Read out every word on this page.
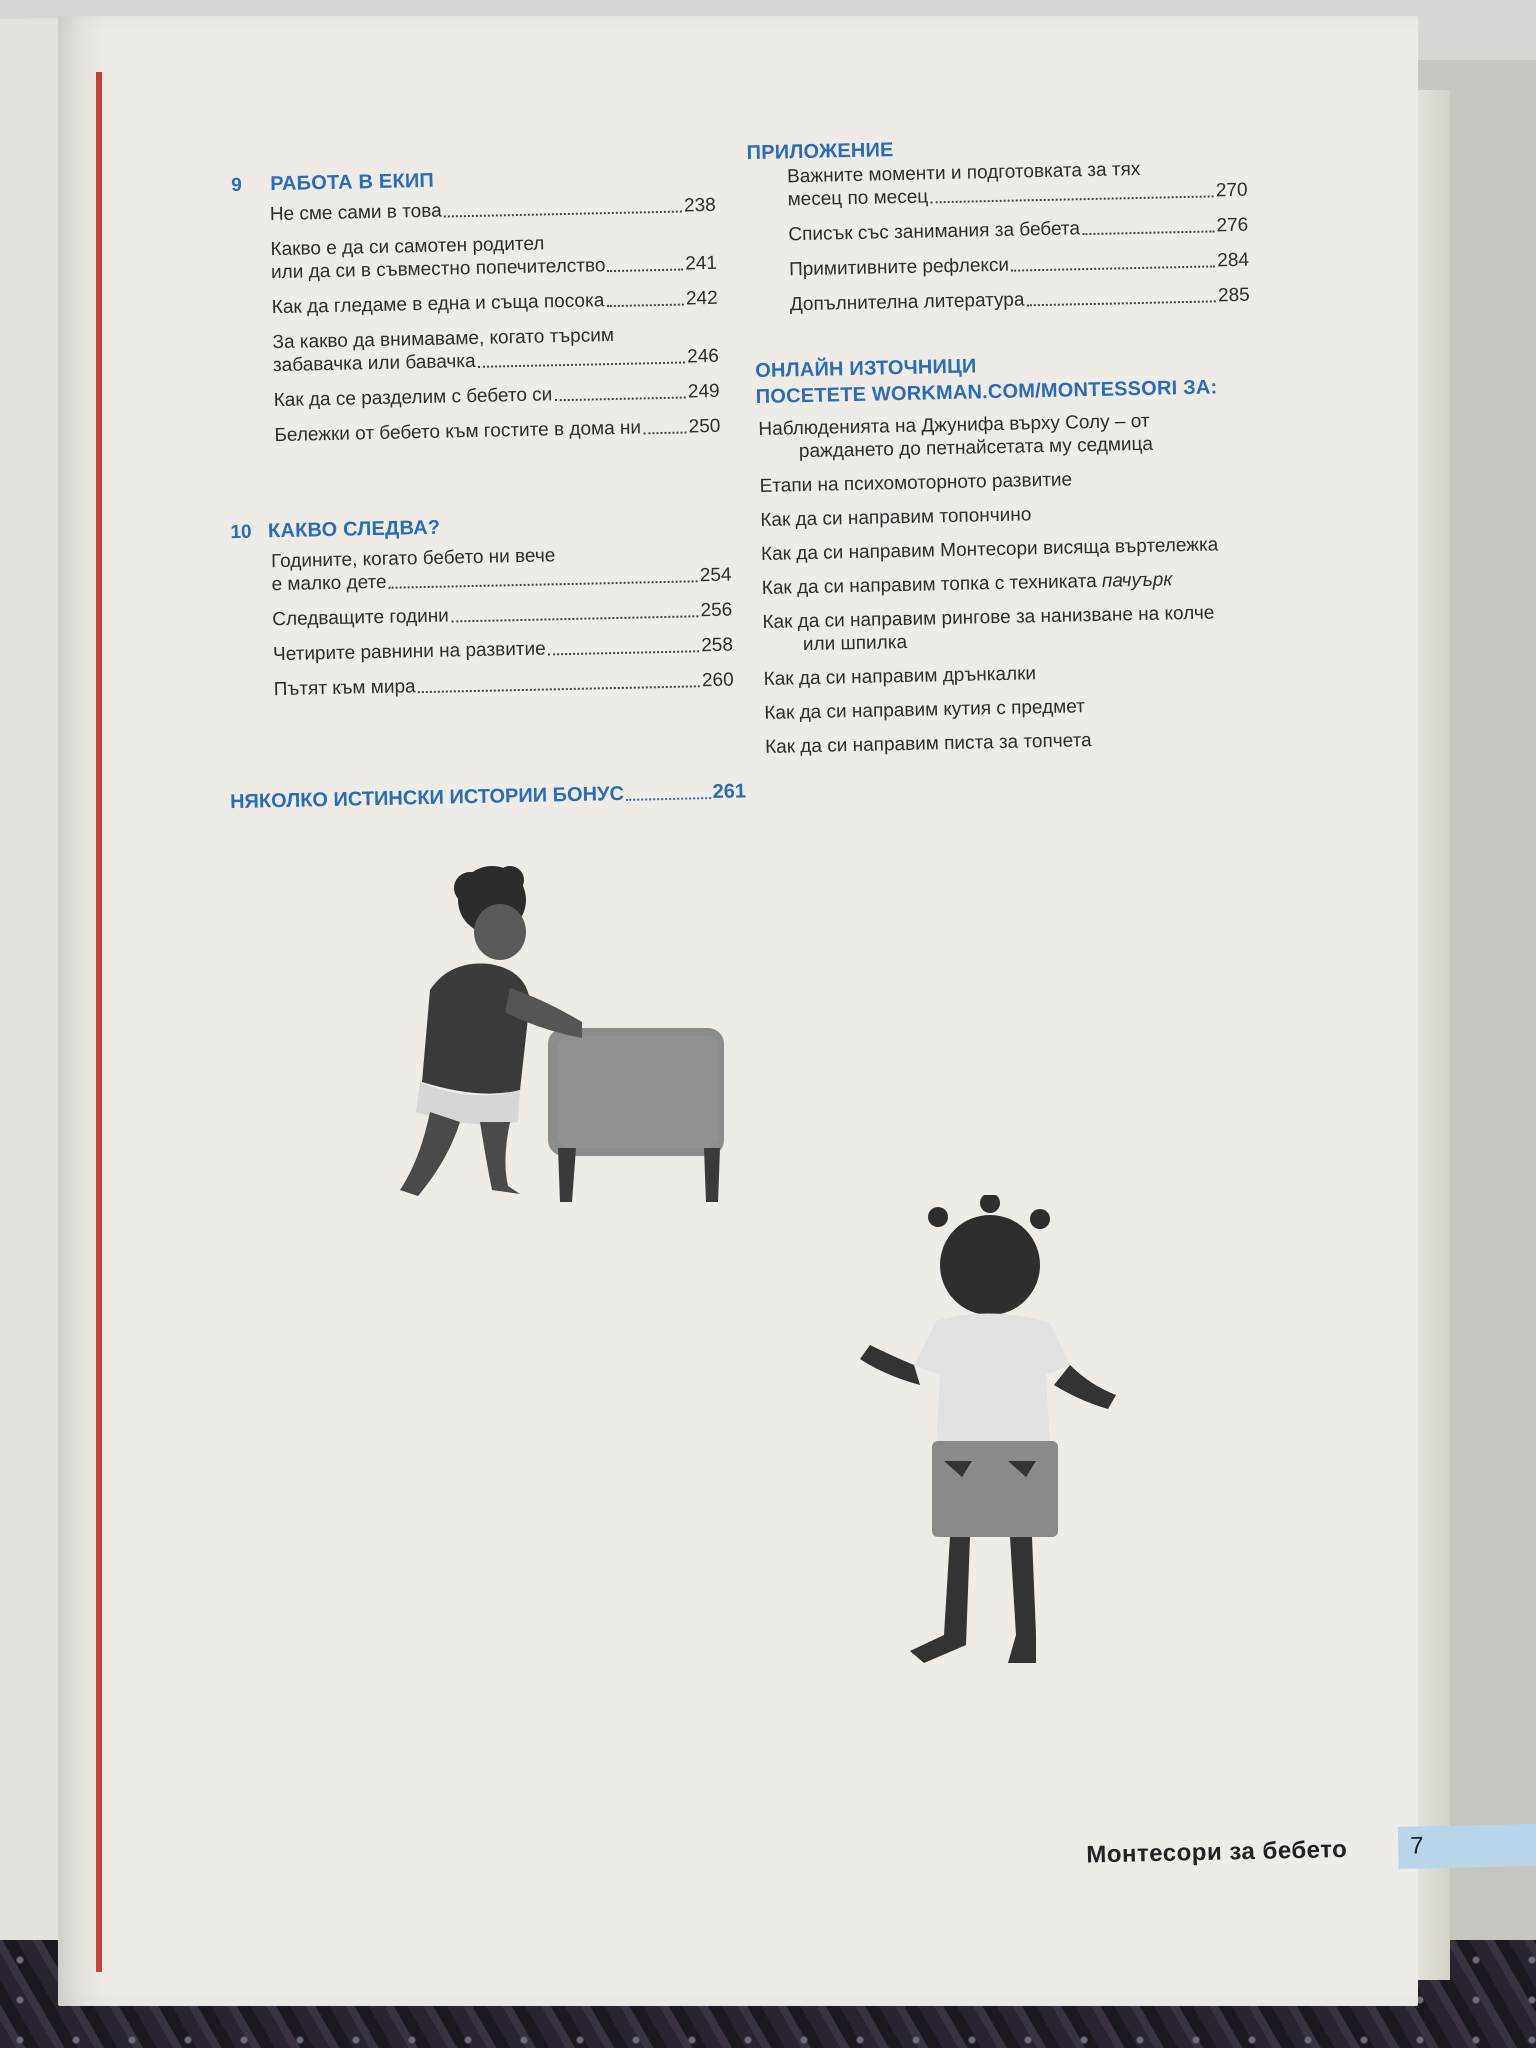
9 РАБОТА В ЕКИП
Не сме сами в това	238
Какво е да си самотен родител
или да си в съвместно попечителство	241
Как да гледаме в една и съща посока	242
За какво да внимаваме, когато търсим
забавачка или бавачка	246
Как да се разделим с бебето си	249
Бележки от бебето към гостите в дома ни 250
10 КАКВО СЛЕДВА?
Годините, когато бебето ни вече
е малко дете	254
Следващите години	256
Четирите равнини на развитие	258
Пътят към мира	260
НЯКОЛКО ИСТИНСКИ ИСТОРИИ БОНУС	261
ПРИЛОЖЕНИЕ
Важните моменти и подготовката за тях
месец по месец	270
Списък със занимания за бебета	276
Примитивните рефлекси	284
Допълнителна литература	285
ОНЛАЙН ИЗТОЧНИЦИ
ПОСЕТЕТЕ WORKMAN.COM/MONTESSORI ЗА:
Наблюденията на Джунифа върху Солу – от
раждането до петнайсетата му седмица
Етапи на психомоторното развитие
Как да си направим топончино
Как да си направим Монтесори висяща въртележка
Как да си направим топка с техниката пачуърк
Как да си направим рингове за нанизване на колче
или шпилка
Как да си направим дрънкалки
Как да си направим кутия с предмет
Как да си направим писта за топчета
Монтесори за бебето	7
